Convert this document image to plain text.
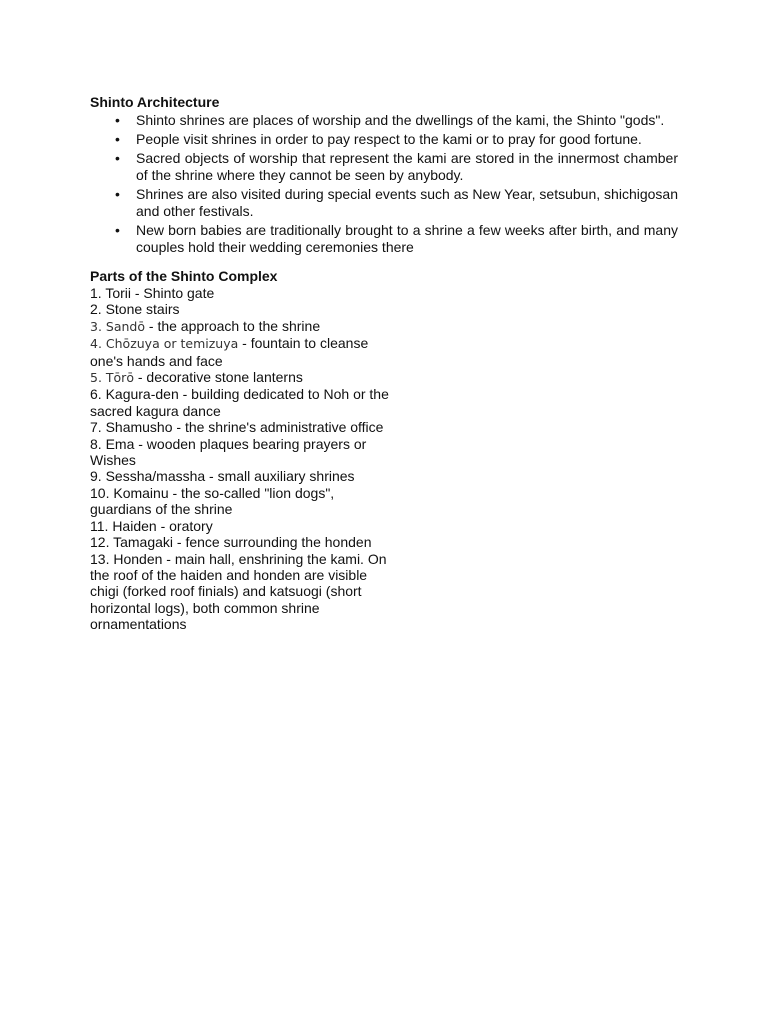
Shinto Architecture
• Shinto shrines are places of worship and the dwellings of the kami, the Shinto "gods".
• People visit shrines in order to pay respect to the kami or to pray for good fortune.
• Sacred objects of worship that represent the kami are stored in the innermost chamber of the shrine where they cannot be seen by anybody.
• Shrines are also visited during special events such as New Year, setsubun, shichigosan and other festivals.
• New born babies are traditionally brought to a shrine a few weeks after birth, and many couples hold their wedding ceremonies there
Parts of the Shinto Complex
1. Torii - Shinto gate
2. Stone stairs
3. Sandō - the approach to the shrine
4. Chōzuya or temizuya - fountain to cleanse one's hands and face
5. Tōrō - decorative stone lanterns
6. Kagura-den - building dedicated to Noh or the sacred kagura dance
7. Shamusho - the shrine's administrative office
8. Ema - wooden plaques bearing prayers or Wishes
9. Sessha/massha - small auxiliary shrines
10. Komainu - the so-called "lion dogs", guardians of the shrine
11. Haiden - oratory
12. Tamagaki - fence surrounding the honden
13. Honden - main hall, enshrining the kami. On the roof of the haiden and honden are visible chigi (forked roof finials) and katsuogi (short horizontal logs), both common shrine ornamentations
